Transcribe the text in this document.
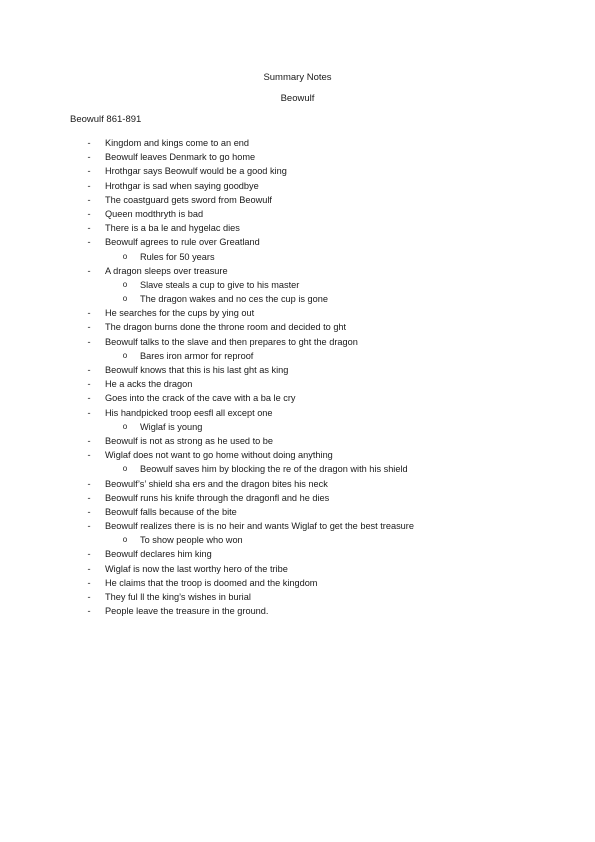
Summary Notes
Beowulf
Beowulf 861-891
-	Kingdom and kings come to an end
-	Beowulf leaves Denmark to go home
-	Hrothgar says Beowulf would be a good king
-	Hrothgar is sad when saying goodbye
-	The coastguard gets sword from Beowulf
-	Queen modthryth is bad
-	There is a ba le and hygelac dies
-	Beowulf agrees to rule over Greatland
o	Rules for 50 years
-	A dragon sleeps over treasure
o	Slave steals a cup to give to his master
o	The dragon wakes and no ces the cup is gone
-	He searches for the cups by ying out
-	The dragon burns done the throne room and decided to ght
-	Beowulf talks to the slave and then prepares to ght the dragon
o	Bares iron armor for reproof
-	Beowulf knows that this is his last ght as king
-	He a acks the dragon
-	Goes into the crack of the cave with a ba le cry
-	His handpicked troop eesfl all except one
o	Wiglaf is young
-	Beowulf is not as strong as he used to be
-	Wiglaf does not want to go home without doing anything
o	Beowulf saves him by blocking the re of the dragon with his shield
-	Beowulf’s’ shield sha ers and the dragon bites his neck
-	Beowulf runs his knife through the dragonfl and he dies
-	Beowulf falls because of the bite
-	Beowulf realizes there is is no heir and wants Wiglaf to get the best treasure
o	To show people who won
-	Beowulf declares him king
-	Wiglaf is now the last worthy hero of the tribe
-	He claims that the troop is doomed and the kingdom
-	They ful ll the king’s wishes in burial
-	People leave the treasure in the ground.
